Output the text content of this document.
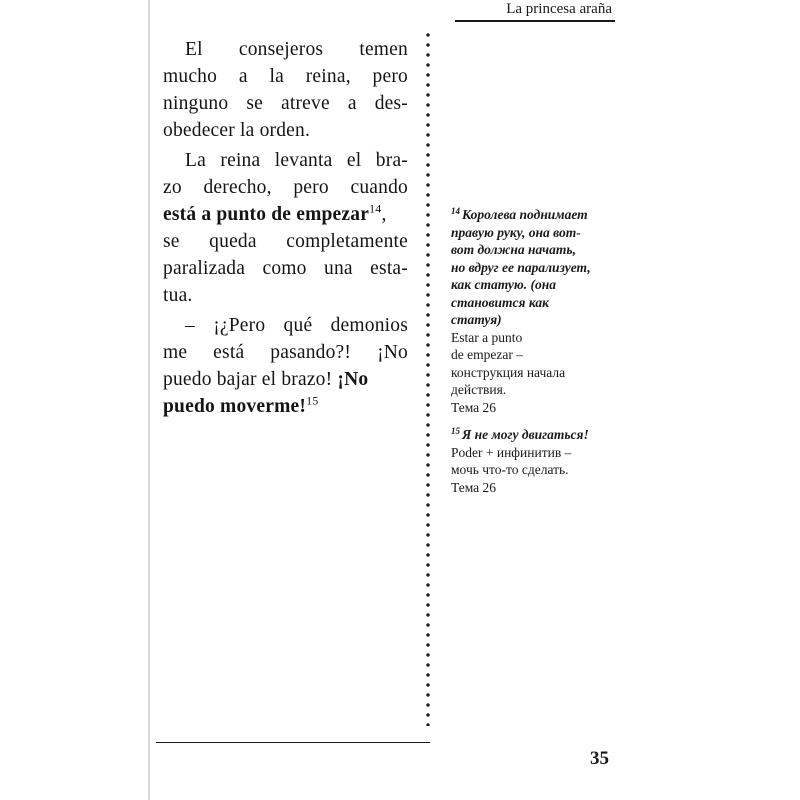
La princesa araña

El consejeros temen
mucho a la reina, pero
ninguno se atreve a des-
obedecer la orden.

La reina levanta el bra-
zo derecho, pero cuando
está a punto de empezar$^{14}$,
se queda completamente
paralizada como una esta-
tua.

– ¡¿Pero qué demonios
me está pasando?! ¡No
puedo bajar el brazo! ¡No
puedo moverme!$^{15}$

$^{14}$ Королева поднимает
правую руку, она вот-
вот должна начать,
но вдруг ее парализует,
как статую. (она
становится как
статуя)
Estar a punto
de empezar –
конструкция начала
действия.
Тема 26
$^{15}$ Я не могу двигаться!
Poder + инфинитив –
мочь что-то сделать.
Тема 26
35
